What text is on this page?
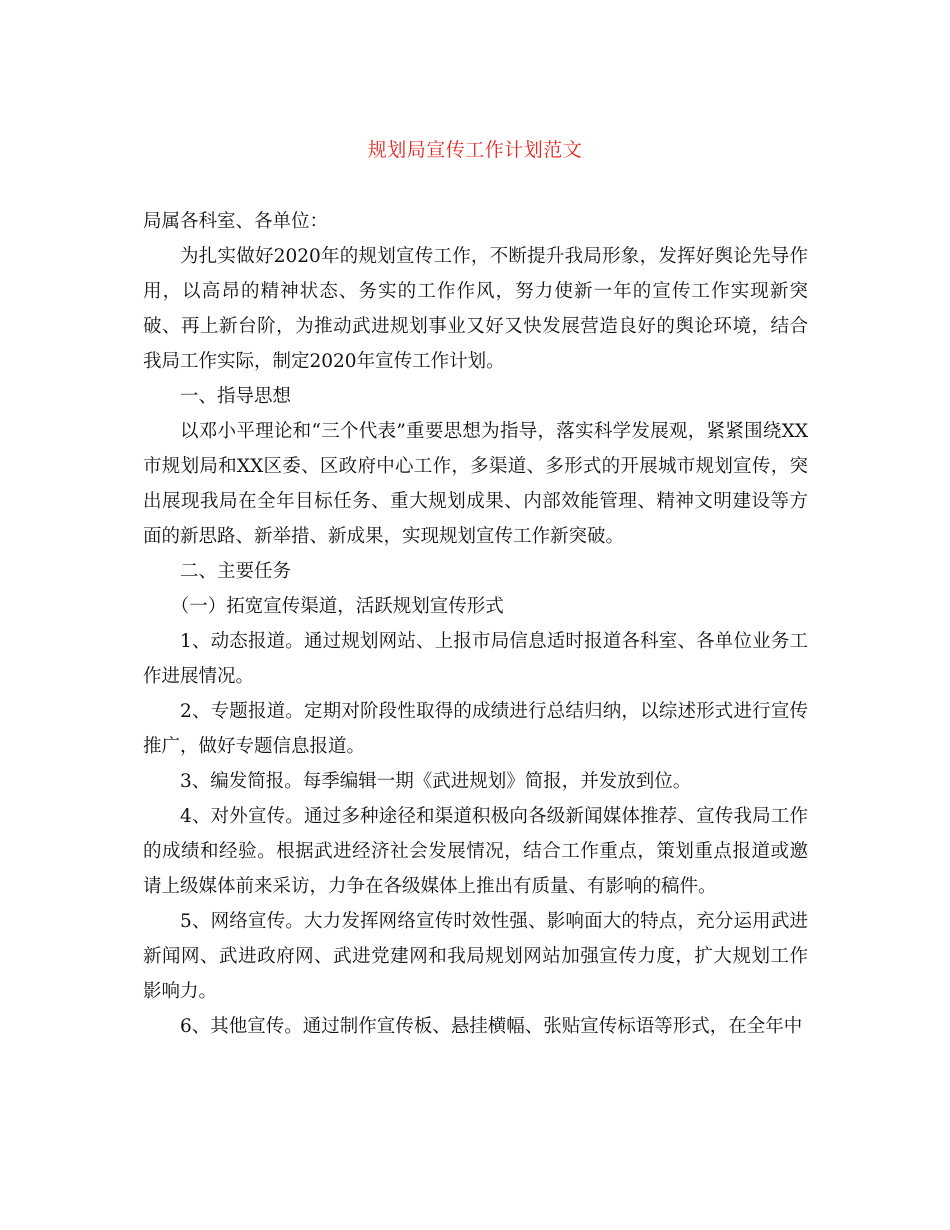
规划局宣传工作计划范文

局属各科室、各单位：

为扎实做好2020年的规划宣传工作，不断提升我局形象，发挥好舆论先导作用，以高昂的精神状态、务实的工作作风，努力使新一年的宣传工作实现新突破、再上新台阶，为推动武进规划事业又好又快发展营造良好的舆论环境，结合我局工作实际，制定2020年宣传工作计划。

一、指导思想

以邓小平理论和“三个代表”重要思想为指导，落实科学发展观，紧紧围绕XX市规划局和XX区委、区政府中心工作，多渠道、多形式的开展城市规划宣传，突出展现我局在全年目标任务、重大规划成果、内部效能管理、精神文明建设等方面的新思路、新举措、新成果，实现规划宣传工作新突破。

二、主要任务

（一）拓宽宣传渠道，活跃规划宣传形式

1、动态报道。通过规划网站、上报市局信息适时报道各科室、各单位业务工作进展情况。

2、专题报道。定期对阶段性取得的成绩进行总结归纳，以综述形式进行宣传推广，做好专题信息报道。

3、编发简报。每季编辑一期《武进规划》简报，并发放到位。

4、对外宣传。通过多种途径和渠道积极向各级新闻媒体推荐、宣传我局工作的成绩和经验。根据武进经济社会发展情况，结合工作重点，策划重点报道或邀请上级媒体前来采访，力争在各级媒体上推出有质量、有影响的稿件。

5、网络宣传。大力发挥网络宣传时效性强、影响面大的特点，充分运用武进新闻网、武进政府网、武进党建网和我局规划网站加强宣传力度，扩大规划工作影响力。

6、其他宣传。通过制作宣传板、悬挂横幅、张贴宣传标语等形式，在全年中
